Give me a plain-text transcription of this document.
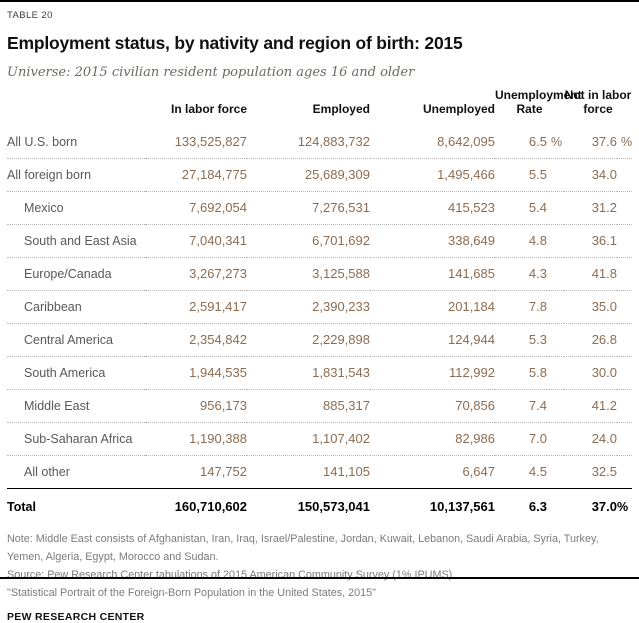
TABLE 20
Employment status, by nativity and region of birth: 2015
Universe: 2015 civilian resident population ages 16 and older
	In labor force	Employed	Unemployed	Unemployment Rate		Not in labor force	
All U.S. born	133,525,827	124,883,732	8,642,095	6.5	%	37.6	%
All foreign born	27,184,775	25,689,309	1,495,466	5.5		34.0	
Mexico	7,692,054	7,276,531	415,523	5.4		31.2	
South and East Asia	7,040,341	6,701,692	338,649	4.8		36.1	
Europe/Canada	3,267,273	3,125,588	141,685	4.3		41.8	
Caribbean	2,591,417	2,390,233	201,184	7.8		35.0	
Central America	2,354,842	2,229,898	124,944	5.3		26.8	
South America	1,944,535	1,831,543	112,992	5.8		30.0	
Middle East	956,173	885,317	70,856	7.4		41.2	
Sub-Saharan Africa	1,190,388	1,107,402	82,986	7.0		24.0	
All other	147,752	141,105	6,647	4.5		32.5	
Total	160,710,602	150,573,041	10,137,561	6.3		37.0	%

Note: Middle East consists of Afghanistan, Iran, Iraq, Israel/Palestine, Jordan, Kuwait, Lebanon, Saudi Arabia, Syria, Turkey, Yemen, Algeria, Egypt, Morocco and Sudan.

Source: Pew Research Center tabulations of 2015 American Community Survey (1% IPUMS).

"Statistical Portrait of the Foreign-Born Population in the United States, 2015"

PEW RESEARCH CENTER
